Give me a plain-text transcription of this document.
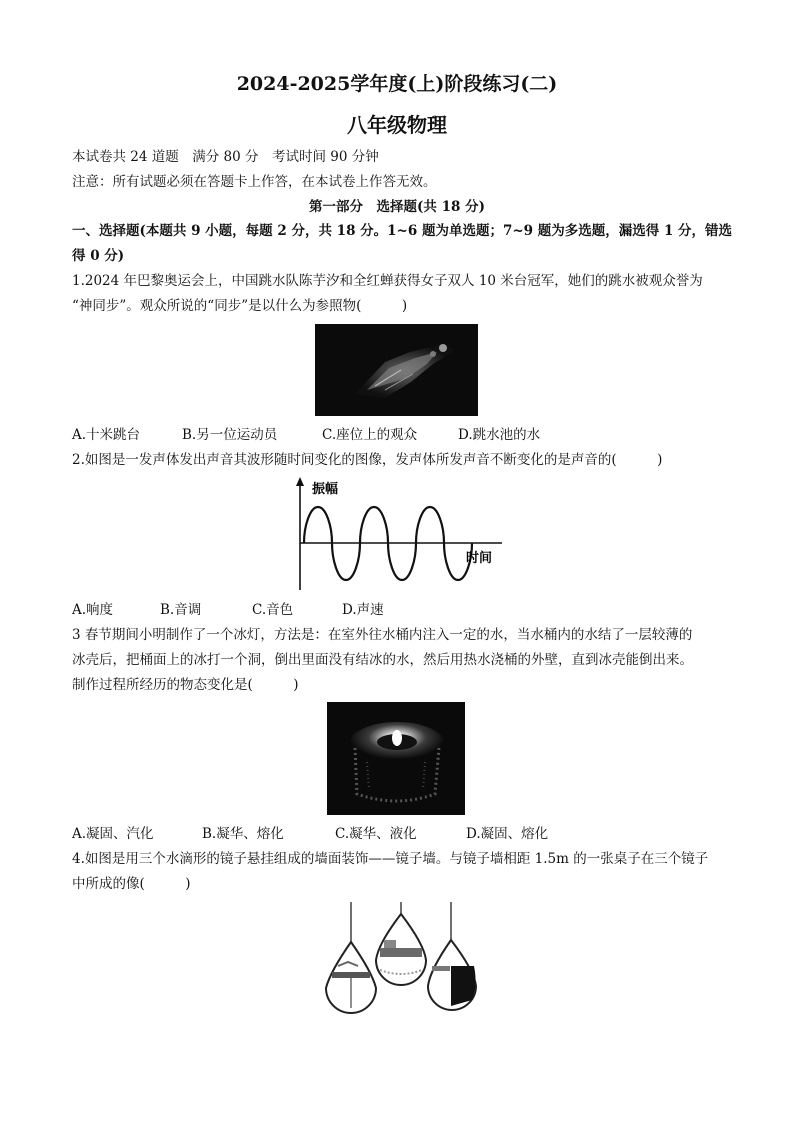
2024-2025学年度(上)阶段练习(二)
八年级物理
本试卷共 24 道题　满分 80 分　考试时间 90 分钟
注意：所有试题必须在答题卡上作答，在本试卷上作答无效。
第一部分　选择题(共 18 分)
一、选择题(本题共 9 小题，每题 2 分，共 18 分。1~6 题为单选题；7~9 题为多选题，漏选得 1 分，错选
得 0 分)
1.2024 年巴黎奥运会上，中国跳水队陈芋汐和全红蝉获得女子双人 10 米台冠军，她们的跳水被观众誉为
“神同步”。观众所说的“同步”是以什么为参照物(　　　)
A.十米跳台	B.另一位运动员	C.座位上的观众	D.跳水池的水
2.如图是一发声体发出声音其波形随时间变化的图像，发声体所发声音不断变化的是声音的(　　　)
振幅
时间
A.响度	B.音调	C.音色	D.声速
3 春节期间小明制作了一个冰灯，方法是：在室外往水桶内注入一定的水，当水桶内的水结了一层较薄的
冰壳后，把桶面上的冰打一个洞，倒出里面没有结冰的水，然后用热水浇桶的外壁，直到冰壳能倒出来。
制作过程所经历的物态变化是(　　　)
A.凝固、汽化	B.凝华、熔化	C.凝华、液化	D.凝固、熔化
4.如图是用三个水滴形的镜子悬挂组成的墙面装饰——镜子墙。与镜子墙相距 1.5m 的一张桌子在三个镜子
中所成的像(　　　)
